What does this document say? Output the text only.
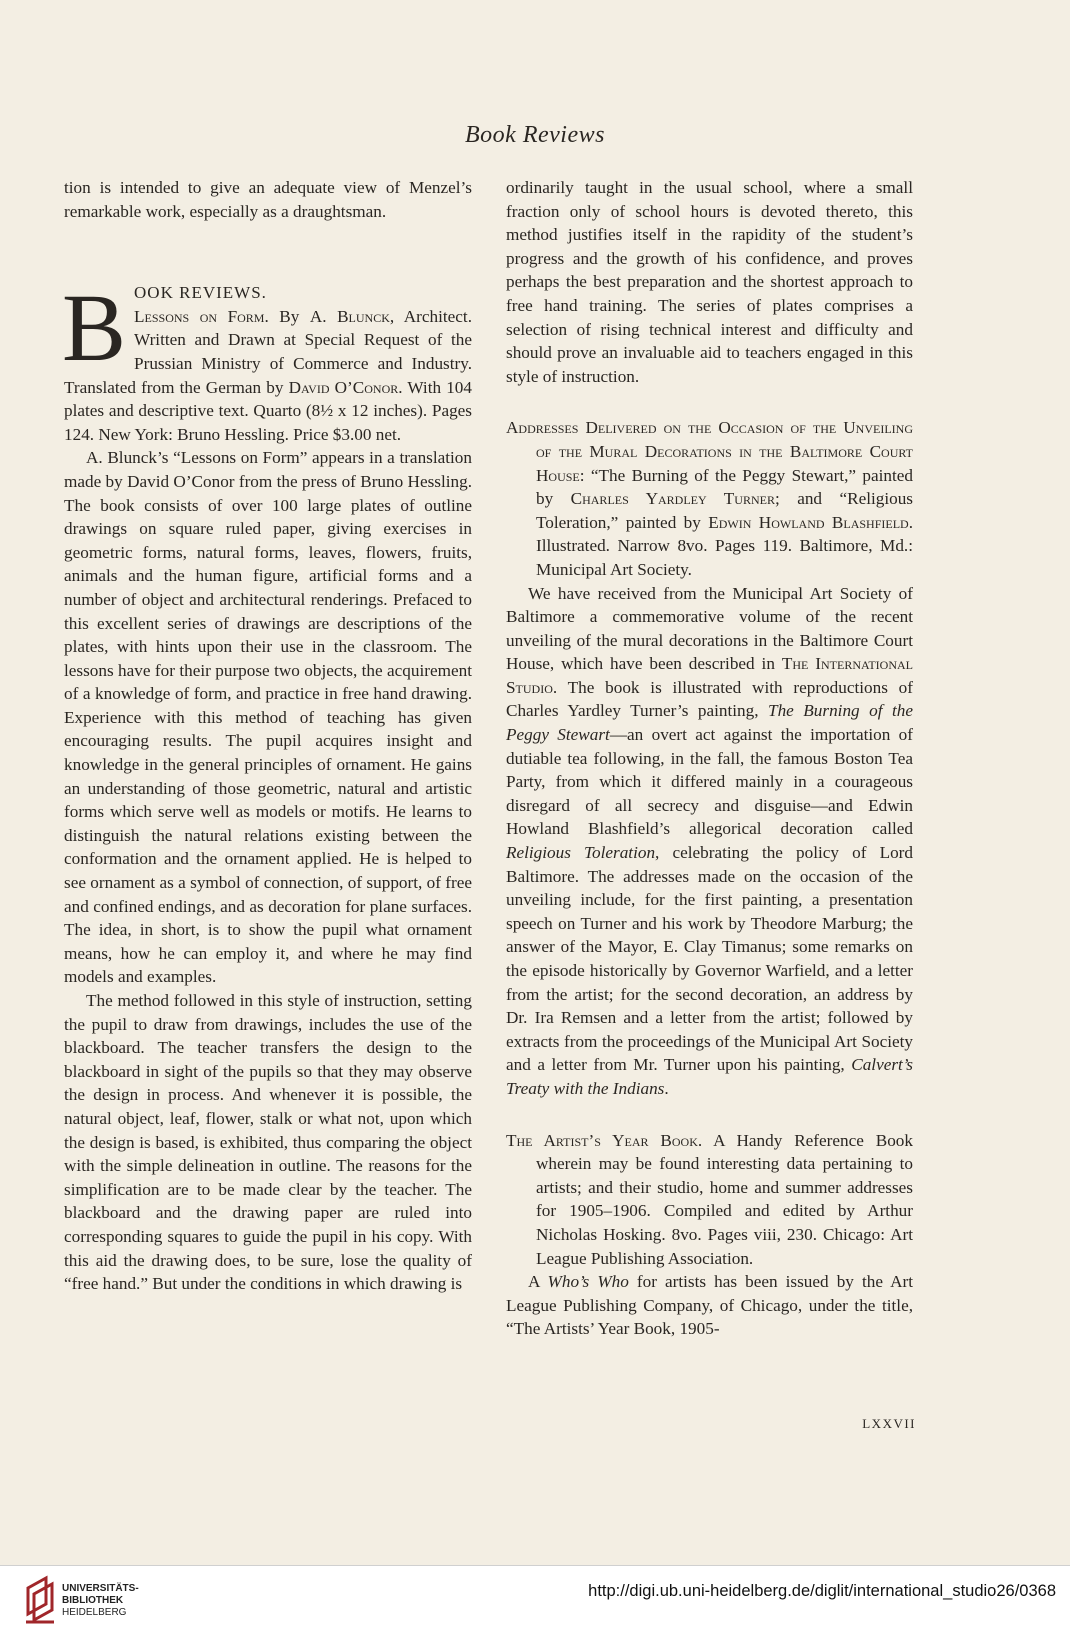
Book Reviews

tion is intended to give an adequate view of Menzel’s remarkable work, especially as a draughtsman.

B OOK REVIEWS.

Lessons on Form. By A. Blunck, Architect. Written and Drawn at Special Request of the Prussian Ministry of Commerce and Industry. Translated from the German by David O’Conor. With 104 plates and descriptive text. Quarto (8½ x 12 inches). Pages 124. New York: Bruno Hessling. Price $3.00 net.

A. Blunck’s “Lessons on Form” appears in a translation made by David O’Conor from the press of Bruno Hessling. The book consists of over 100 large plates of outline drawings on square ruled paper, giving exercises in geometric forms, natural forms, leaves, flowers, fruits, animals and the human figure, artificial forms and a number of object and architectural renderings. Prefaced to this excellent series of drawings are descriptions of the plates, with hints upon their use in the classroom. The lessons have for their purpose two objects, the acquirement of a knowledge of form, and practice in free hand drawing. Experience with this method of teaching has given encouraging results. The pupil acquires insight and knowledge in the general principles of ornament. He gains an understanding of those geometric, natural and artistic forms which serve well as models or motifs. He learns to distinguish the natural relations existing between the conformation and the ornament applied. He is helped to see ornament as a symbol of connection, of support, of free and confined endings, and as decoration for plane surfaces. The idea, in short, is to show the pupil what ornament means, how he can employ it, and where he may find models and examples.

The method followed in this style of instruction, setting the pupil to draw from drawings, includes the use of the blackboard. The teacher transfers the design to the blackboard in sight of the pupils so that they may observe the design in process. And whenever it is possible, the natural object, leaf, flower, stalk or what not, upon which the design is based, is exhibited, thus comparing the object with the simple delineation in outline. The reasons for the simplification are to be made clear by the teacher. The blackboard and the drawing paper are ruled into corresponding squares to guide the pupil in his copy. With this aid the drawing does, to be sure, lose the quality of “free hand.” But under the conditions in which drawing is

ordinarily taught in the usual school, where a small fraction only of school hours is devoted thereto, this method justifies itself in the rapidity of the student’s progress and the growth of his confidence, and proves perhaps the best preparation and the shortest approach to free hand training. The series of plates comprises a selection of rising technical interest and difficulty and should prove an invaluable aid to teachers engaged in this style of instruction.

Addresses Delivered on the Occasion of the Unveiling of the Mural Decorations in the Baltimore Court House: “The Burning of the Peggy Stewart,” painted by Charles Yardley Turner; and “Religious Toleration,” painted by Edwin Howland Blashfield. Illustrated. Narrow 8vo. Pages 119. Baltimore, Md.: Municipal Art Society.

We have received from the Municipal Art Society of Baltimore a commemorative volume of the recent unveiling of the mural decorations in the Baltimore Court House, which have been described in The International Studio. The book is illustrated with reproductions of Charles Yardley Turner’s painting, The Burning of the Peggy Stewart—an overt act against the importation of dutiable tea following, in the fall, the famous Boston Tea Party, from which it differed mainly in a courageous disregard of all secrecy and disguise—and Edwin Howland Blashfield’s allegorical decoration called Religious Toleration, celebrating the policy of Lord Baltimore. The addresses made on the occasion of the unveiling include, for the first painting, a presentation speech on Turner and his work by Theodore Marburg; the answer of the Mayor, E. Clay Timanus; some remarks on the episode historically by Governor Warfield, and a letter from the artist; for the second decoration, an address by Dr. Ira Remsen and a letter from the artist; followed by extracts from the proceedings of the Municipal Art Society and a letter from Mr. Turner upon his painting, Calvert’s Treaty with the Indians.

The Artist’s Year Book. A Handy Reference Book wherein may be found interesting data pertaining to artists; and their studio, home and summer addresses for 1905–1906. Compiled and edited by Arthur Nicholas Hosking. 8vo. Pages viii, 230. Chicago: Art League Publishing Association.

A Who’s Who for artists has been issued by the Art League Publishing Company, of Chicago, under the title, “The Artists’ Year Book, 1905-

LXXVII
UNIVERSITÄTS-
BIBLIOTHEK
HEIDELBERG
http://digi.ub.uni-heidelberg.de/diglit/international_studio26/0368
